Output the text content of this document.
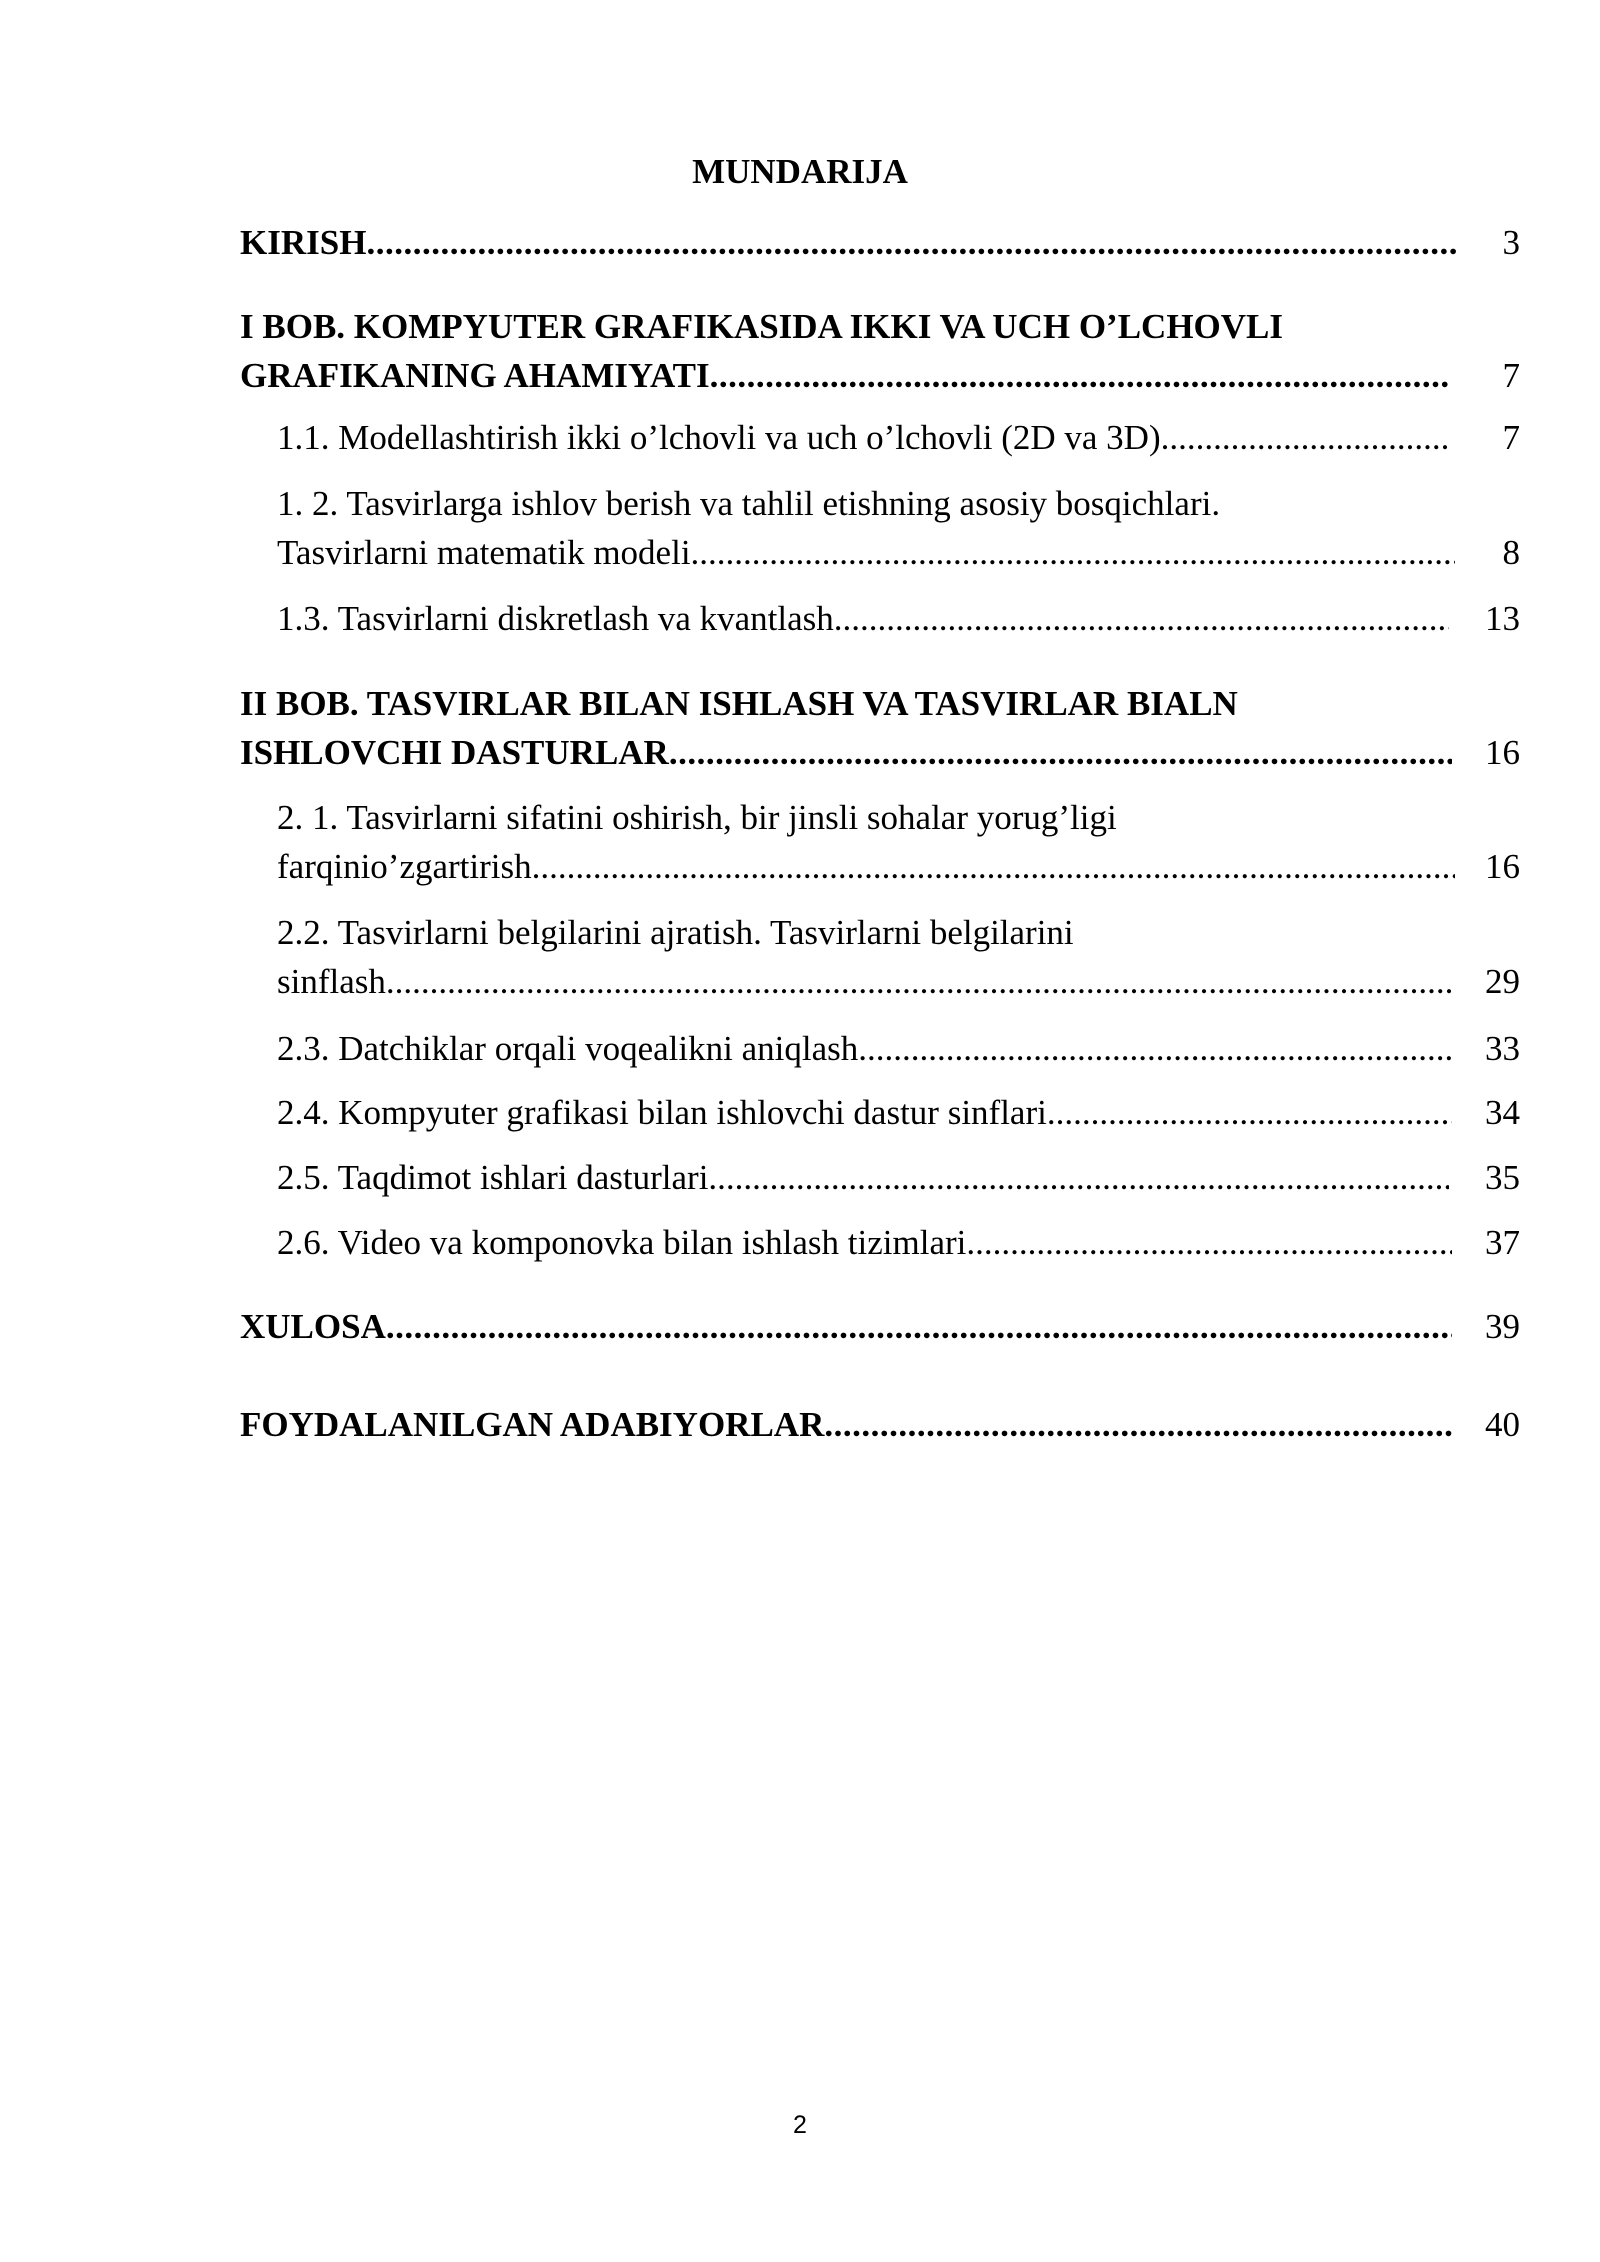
MUNDARIJA
KIRISH .....	3
I BOB. KOMPYUTER GRAFIKASIDA IKKI VA UCH O’LCHOVLI
GRAFIKANING AHAMIYATI .....	7
1.1. Modellashtirish ikki o’lchovli va uch o’lchovli (2D va 3D) .....	7
1. 2. Tasvirlarga ishlov berish va tahlil etishning asosiy bosqichlari.
Tasvirlarni matematik modeli .....	8
1.3. Tasvirlarni diskretlash va kvantlash .....	13
II BOB. TASVIRLAR BILAN ISHLASH VA TASVIRLAR BIALN
ISHLOVCHI DASTURLAR .....	16
2. 1. Tasvirlarni sifatini oshirish, bir jinsli sohalar yorug’ligi
farqinio’zgartirish .....	16
2.2. Tasvirlarni belgilarini ajratish. Tasvirlarni belgilarini
sinflash .....	29
2.3. Datchiklar orqali voqealikni aniqlash .....	33
2.4. Kompyuter grafikasi bilan ishlovchi dastur sinflari .....	34
2.5. Taqdimot ishlari dasturlari .....	35
2.6. Video va komponovka bilan ishlash tizimlari .....	37
XULOSA .....	39
FOYDALANILGAN ADABIYORLAR .....	40
2
